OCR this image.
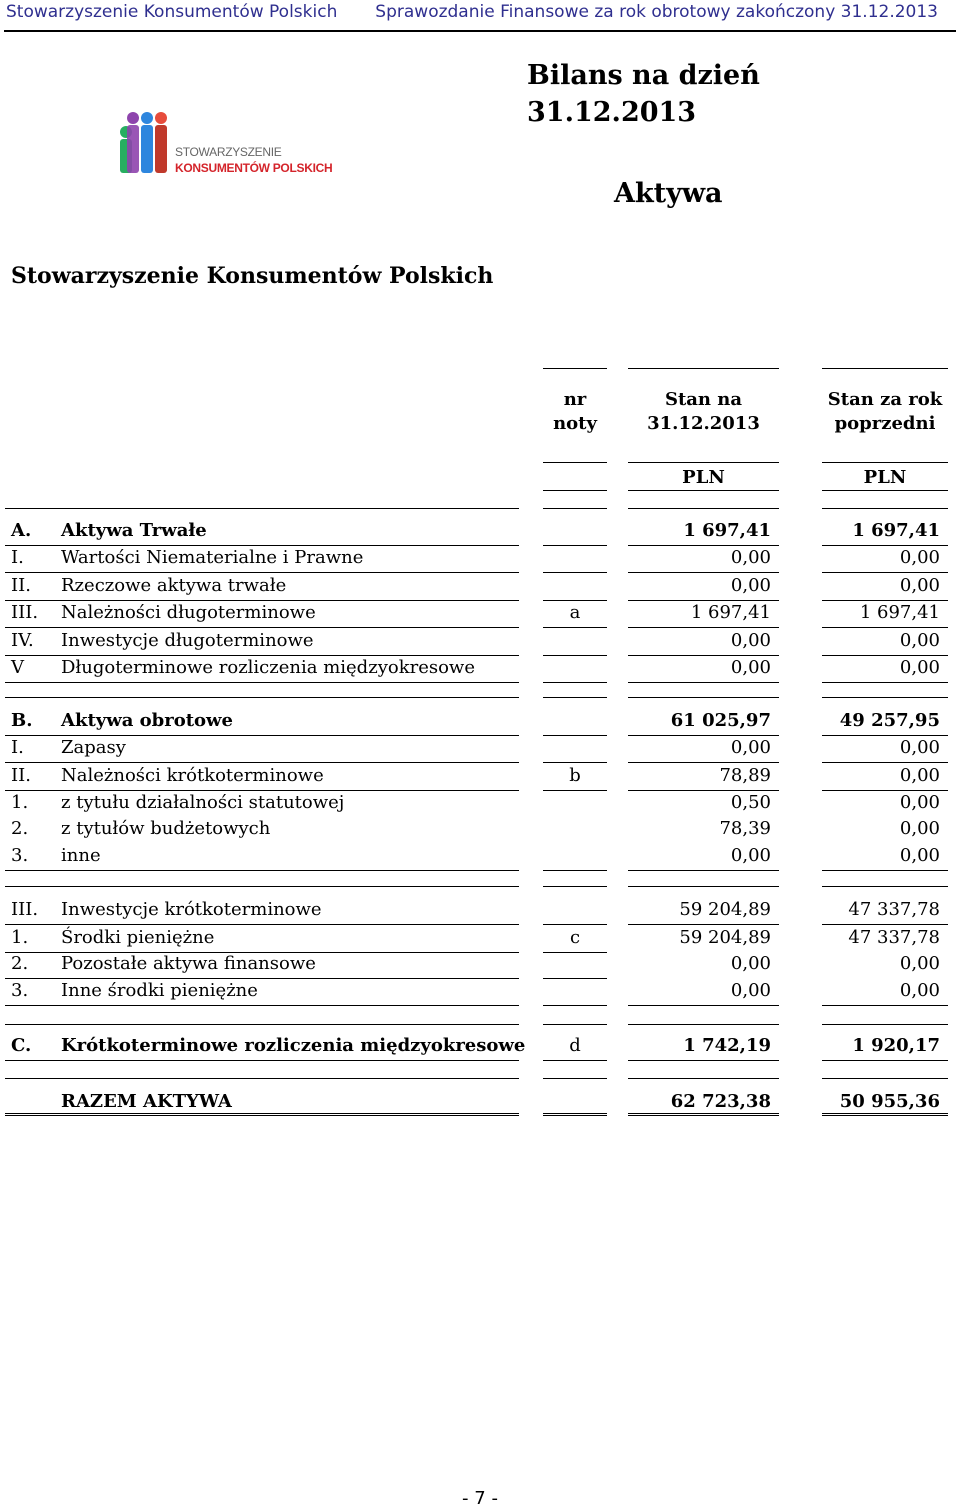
Stowarzyszenie Konsumentów Polskich Sprawozdanie Finansowe za rok obrotowy zakończony 31.12.2013
STOWARZYSZENIE
KONSUMENTÓW POLSKICH
Bilans na dzień 31.12.2013
Aktywa
Stowarzyszenie Konsumentów Polskich
nr noty
Stan na 31.12.2013
Stan za rok poprzedni
PLN	PLN
A.	Aktywa Trwałe	1 697,41	1 697,41
I.	Wartości Niematerialne i Prawne	0,00	0,00
II.	Rzeczowe aktywa trwałe	0,00	0,00
III.	Należności długoterminowe	a	1 697,41	1 697,41
IV.	Inwestycje długoterminowe	0,00	0,00
V	Długoterminowe rozliczenia międzyokresowe	0,00	0,00
B.	Aktywa obrotowe	61 025,97	49 257,95
I.	Zapasy	0,00	0,00
II.	Należności krótkoterminowe	b	78,89	0,00
1.	z tytułu działalności statutowej	0,50	0,00
2.	z tytułów budżetowych	78,39	0,00
3.	inne	0,00	0,00
III.	Inwestycje krótkoterminowe	59 204,89	47 337,78
1.	Środki pieniężne	c	59 204,89	47 337,78
2.	Pozostałe aktywa finansowe	0,00	0,00
3.	Inne środki pieniężne	0,00	0,00
C.	Krótkoterminowe rozliczenia międzyokresowe	d	1 742,19	1 920,17
RAZEM AKTYWA	62 723,38	50 955,36
- 7 -
